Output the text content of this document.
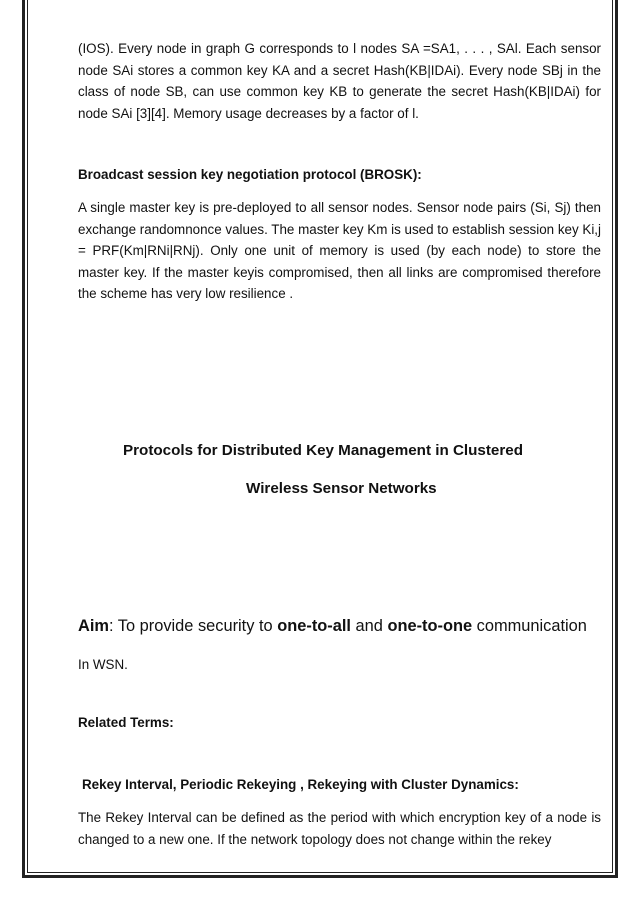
(IOS). Every node in graph G corresponds to l nodes SA =SA1, . . . , SAl. Each sensor node SAi stores a common key KA and a secret Hash(KB|IDAi). Every node SBj in the class of node SB, can use common key KB to generate the secret Hash(KB|IDAi) for node SAi [3][4]. Memory usage decreases by a factor of l.

Broadcast session key negotiation protocol (BROSK):

A single master key is pre-deployed to all sensor nodes. Sensor node pairs (Si, Sj) then exchange randomnonce values. The master key Km is used to establish session key Ki,j = PRF(Km|RNi|RNj). Only one unit of memory is used (by each node) to store the master key. If the master keyis compromised, then all links are compromised therefore the scheme has very low resilience .

Protocols for Distributed Key Management in Clustered

Wireless Sensor Networks

Aim: To provide security to one-to-all and one-to-one communication

In WSN.

Related Terms:

Rekey Interval, Periodic Rekeying , Rekeying with Cluster Dynamics:

The Rekey Interval can be defined as the period with which encryption key of a node is changed to a new one. If the network topology does not change within the rekey
